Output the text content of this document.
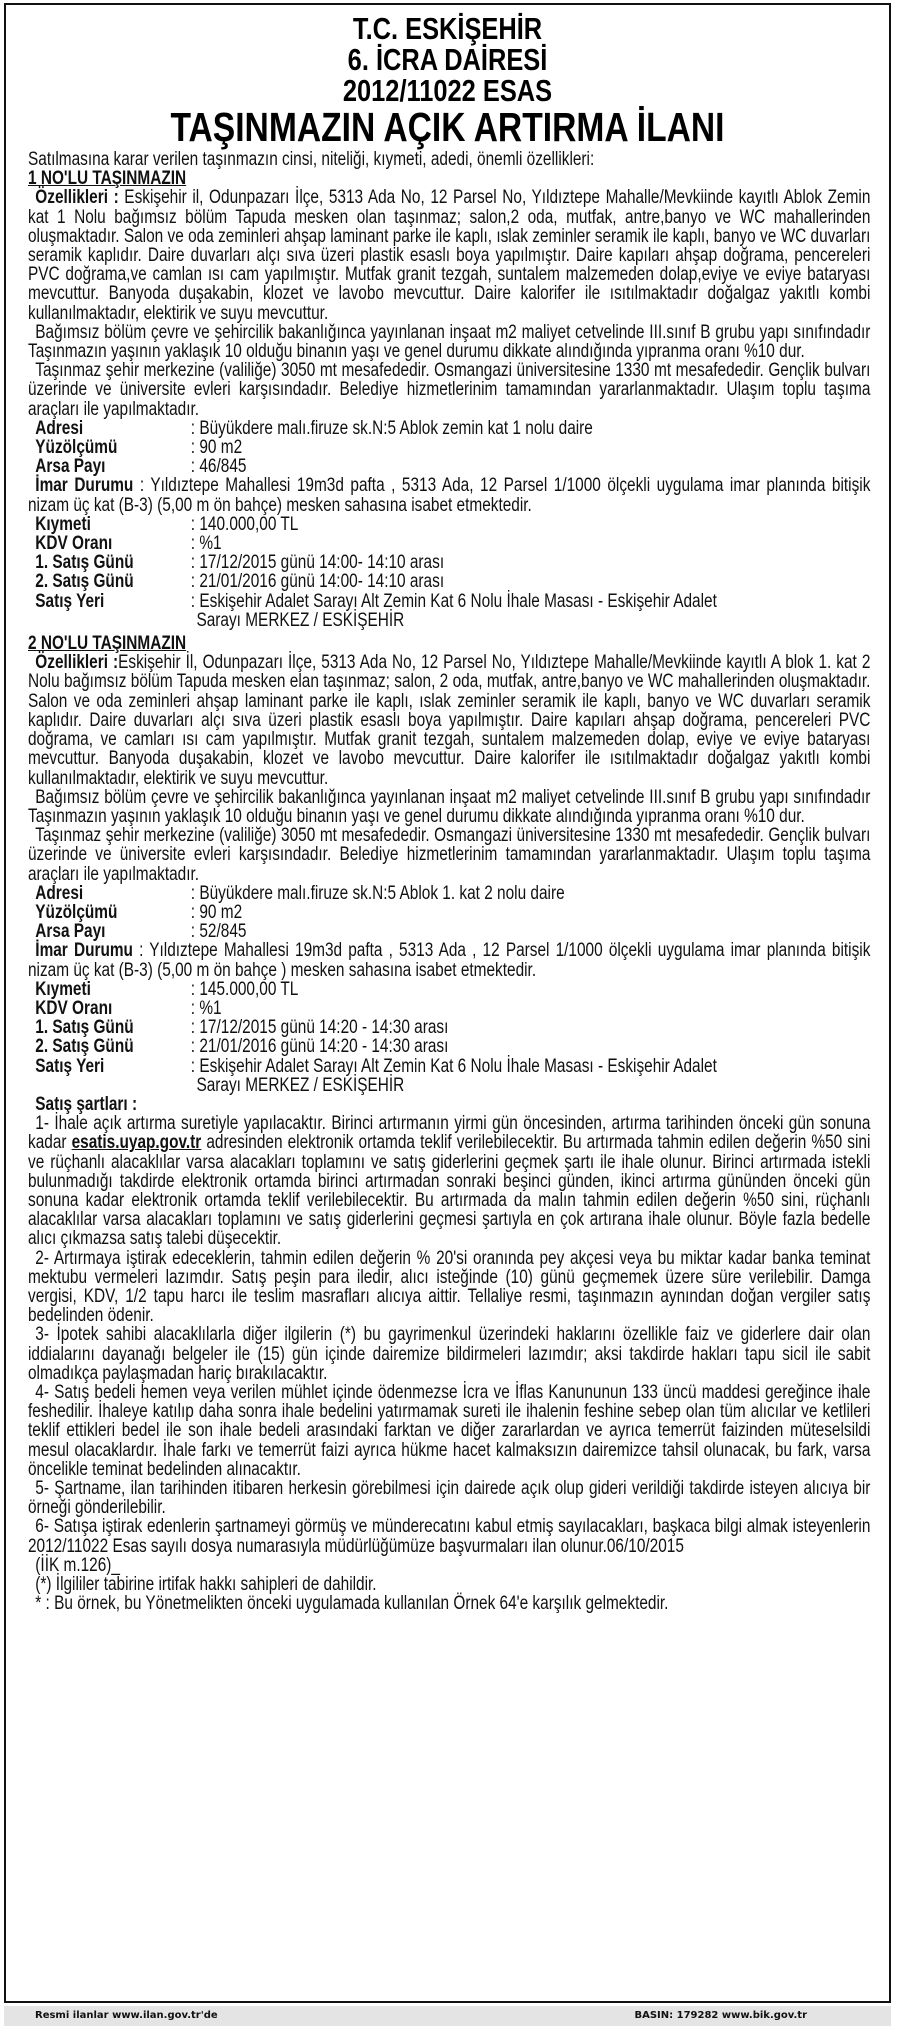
T.C. ESKİŞEHİR
6. İCRA DAİRESİ
2012/11022 ESAS
TAŞINMAZIN AÇIK ARTIRMA İLANI

Satılmasına karar verilen taşınmazın cinsi, niteliği, kıymeti, adedi, önemli özellikleri:

1 NO'LU TAŞINMAZIN

Özellikleri : Eskişehir il, Odunpazarı İlçe, 5313 Ada No, 12 Parsel No, Yıldıztepe Mahalle/Mevkiinde kayıtlı Ablok Zemin kat 1 Nolu bağımsız bölüm Tapuda mesken olan taşınmaz; salon,2 oda, mutfak, antre,banyo ve WC mahallerinden oluşmaktadır. Salon ve oda zeminleri ahşap laminant parke ile kaplı, ıslak zeminler seramik ile kaplı, banyo ve WC duvarları seramik kaplıdır. Daire duvarları alçı sıva üzeri plastik esaslı boya yapılmıştır. Daire kapıları ahşap doğrama, pencereleri PVC doğrama,ve camlan ısı cam yapılmıştır. Mutfak granit tezgah, suntalem malzemeden dolap,eviye ve eviye bataryası mevcuttur. Banyoda duşakabin, klozet ve lavobo mevcuttur. Daire kalorifer ile ısıtılmaktadır doğalgaz yakıtlı kombi kullanılmaktadır, elektirik ve suyu mevcuttur.

Bağımsız bölüm çevre ve şehircilik bakanlığınca yayınlanan inşaat m2 maliyet cetvelinde III.sınıf B grubu yapı sınıfındadır Taşınmazın yaşının yaklaşık 10 olduğu binanın yaşı ve genel durumu dikkate alındığında yıpranma oranı %10 dur.

Taşınmaz şehir merkezine (valiliğe) 3050 mt mesafededir. Osmangazi üniversitesine 1330 mt mesafededir. Gençlik bulvarı üzerinde ve üniversite evleri karşısındadır. Belediye hizmetlerinim tamamından yararlanmaktadır. Ulaşım toplu taşıma araçları ile yapılmaktadır.

Adresi	: Büyükdere malı.firuze sk.N:5 Ablok zemin kat 1 nolu daire
Yüzölçümü	: 90 m2
Arsa Payı	: 46/845

İmar Durumu : Yıldıztepe Mahallesi 19m3d pafta , 5313 Ada, 12 Parsel 1/1000 ölçekli uygulama imar planında bitişik nizam üç kat (B-3) (5,00 m ön bahçe) mesken sahasına isabet etmektedir.

Kıymeti	: 140.000,00 TL
KDV Oranı	: %1
1. Satış Günü	: 17/12/2015 günü 14:00- 14:10 arası
2. Satış Günü	: 21/01/2016 günü 14:00- 14:10 arası
Satış Yeri	: Eskişehir Adalet Sarayı Alt Zemin Kat 6 Nolu İhale Masası - Eskişehir Adalet
Sarayı MERKEZ / ESKİŞEHİR

2 NO'LU TAŞINMAZIN

Özellikleri :Eskişehir İl, Odunpazarı İlçe, 5313 Ada No, 12 Parsel No, Yıldıztepe Mahalle/Mevkiinde kayıtlı A blok 1. kat 2 Nolu bağımsız bölüm Tapuda mesken elan taşınmaz; salon, 2 oda, mutfak, antre,banyo ve WC mahallerinden oluşmaktadır. Salon ve oda zeminleri ahşap laminant parke ile kaplı, ıslak zeminler seramik ile kaplı, banyo ve WC duvarları seramik kaplıdır. Daire duvarları alçı sıva üzeri plastik esaslı boya yapılmıştır. Daire kapıları ahşap doğrama, pencereleri PVC doğrama, ve camları ısı cam yapılmıştır. Mutfak granit tezgah, suntalem malzemeden dolap, eviye ve eviye bataryası mevcuttur. Banyoda duşakabin, klozet ve lavobo mevcuttur. Daire kalorifer ile ısıtılmaktadır doğalgaz yakıtlı kombi kullanılmaktadır, elektirik ve suyu mevcuttur.

Bağımsız bölüm çevre ve şehircilik bakanlığınca yayınlanan inşaat m2 maliyet cetvelinde III.sınıf B grubu yapı sınıfındadır Taşınmazın yaşının yaklaşık 10 olduğu binanın yaşı ve genel durumu dikkate alındığında yıpranma oranı %10 dur.

Taşınmaz şehir merkezine (valiliğe) 3050 mt mesafededir. Osmangazi üniversitesine 1330 mt mesafededir. Gençlik bulvarı üzerinde ve üniversite evleri karşısındadır. Belediye hizmetlerinim tamamından yararlanmaktadır. Ulaşım toplu taşıma araçları ile yapılmaktadır.

Adresi	: Büyükdere malı.firuze sk.N:5 Ablok 1. kat 2 nolu daire
Yüzölçümü	: 90 m2
Arsa Payı	: 52/845

İmar Durumu : Yıldıztepe Mahallesi 19m3d pafta , 5313 Ada , 12 Parsel 1/1000 ölçekli uygulama imar planında bitişik nizam üç kat (B-3) (5,00 m ön bahçe ) mesken sahasına isabet etmektedir.

Kıymeti	: 145.000,00 TL
KDV Oranı	: %1
1. Satış Günü	: 17/12/2015 günü 14:20 - 14:30 arası
2. Satış Günü	: 21/01/2016 günü 14:20 - 14:30 arası
Satış Yeri	: Eskişehir Adalet Sarayı Alt Zemin Kat 6 Nolu İhale Masası - Eskişehir Adalet
Sarayı MERKEZ / ESKİŞEHİR

Satış şartları :

1- İhale açık artırma suretiyle yapılacaktır. Birinci artırmanın yirmi gün öncesinden, artırma tarihinden önceki gün sonuna kadar esatis.uyap.gov.tr adresinden elektronik ortamda teklif verilebilecektir. Bu artırmada tahmin edilen değerin %50 sini ve rüçhanlı alacaklılar varsa alacakları toplamını ve satış giderlerini geçmek şartı ile ihale olunur. Birinci artırmada istekli bulunmadığı takdirde elektronik ortamda birinci artırmadan sonraki beşinci günden, ikinci artırma gününden önceki gün sonuna kadar elektronik ortamda teklif verilebilecektir. Bu artırmada da malın tahmin edilen değerin %50 sini, rüçhanlı alacaklılar varsa alacakları toplamını ve satış giderlerini geçmesi şartıyla en çok artırana ihale olunur. Böyle fazla bedelle alıcı çıkmazsa satış talebi düşecektir.

2- Artırmaya iştirak edeceklerin, tahmin edilen değerin % 20'si oranında pey akçesi veya bu miktar kadar banka teminat mektubu vermeleri lazımdır. Satış peşin para iledir, alıcı isteğinde (10) günü geçmemek üzere süre verilebilir. Damga vergisi, KDV, 1/2 tapu harcı ile teslim masrafları alıcıya aittir. Tellaliye resmi, taşınmazın aynından doğan vergiler satış bedelinden ödenir.

3- İpotek sahibi alacaklılarla diğer ilgilerin (*) bu gayrimenkul üzerindeki haklarını özellikle faiz ve giderlere dair olan iddialarını dayanağı belgeler ile (15) gün içinde dairemize bildirmeleri lazımdır; aksi takdirde hakları tapu sicil ile sabit olmadıkça paylaşmadan hariç bırakılacaktır.

4- Satış bedeli hemen veya verilen mühlet içinde ödenmezse İcra ve İflas Kanununun 133 üncü maddesi gereğince ihale feshedilir. İhaleye katılıp daha sonra ihale bedelini yatırmamak sureti ile ihalenin feshine sebep olan tüm alıcılar ve ketlileri teklif ettikleri bedel ile son ihale bedeli arasındaki farktan ve diğer zararlardan ve ayrıca temerrüt faizinden müteselsildi mesul olacaklardır. İhale farkı ve temerrüt faizi ayrıca hükme hacet kalmaksızın dairemizce tahsil olunacak, bu fark, varsa öncelikle teminat bedelinden alınacaktır.

5- Şartname, ilan tarihinden itibaren herkesin görebilmesi için dairede açık olup gideri verildiği takdirde isteyen alıcıya bir örneği gönderilebilir.

6- Satışa iştirak edenlerin şartnameyi görmüş ve münderecatını kabul etmiş sayılacakları, başkaca bilgi almak isteyenlerin 2012/11022 Esas sayılı dosya numarasıyla müdürlüğümüze başvurmaları ilan olunur.06/10/2015

(İİK m.126)_

(*) İlgililer tabirine irtifak hakkı sahipleri de dahildir.

* : Bu örnek, bu Yönetmelikten önceki uygulamada kullanılan Örnek 64'e karşılık gelmektedir.

Resmi ilanlar www.ilan.gov.tr'de	BASIN: 179282 www.bik.gov.tr
